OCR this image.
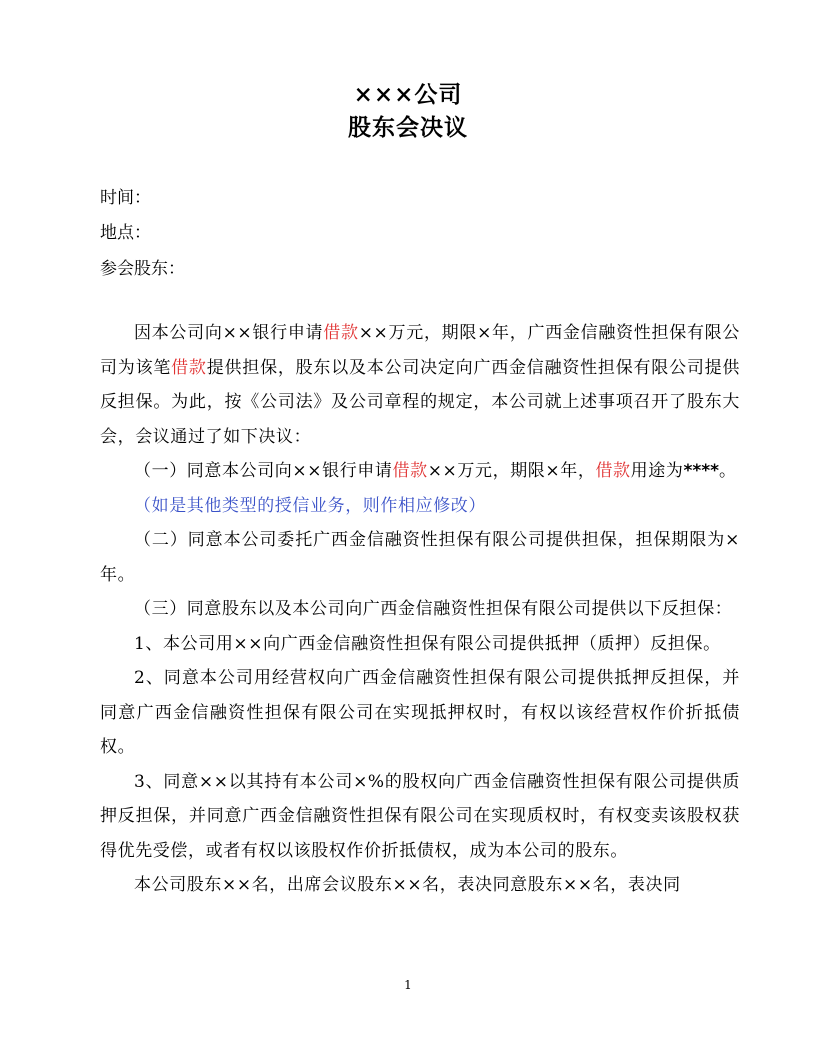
×××公司
股东会决议
时间：
地点：
参会股东：

因本公司向××银行申请借款××万元，期限×年，广西金信融资性担保有限公司为该笔借款提供担保，股东以及本公司决定向广西金信融资性担保有限公司提供反担保。为此，按《公司法》及公司章程的规定，本公司就上述事项召开了股东大会，会议通过了如下决议：

（一）同意本公司向××银行申请借款××万元，期限×年，借款用途为****。

（如是其他类型的授信业务，则作相应修改）

（二）同意本公司委托广西金信融资性担保有限公司提供担保，担保期限为×年。

（三）同意股东以及本公司向广西金信融资性担保有限公司提供以下反担保：

1、本公司用××向广西金信融资性担保有限公司提供抵押（质押）反担保。

2、同意本公司用经营权向广西金信融资性担保有限公司提供抵押反担保，并同意广西金信融资性担保有限公司在实现抵押权时，有权以该经营权作价折抵债权。

3、同意××以其持有本公司×%的股权向广西金信融资性担保有限公司提供质押反担保，并同意广西金信融资性担保有限公司在实现质权时，有权变卖该股权获得优先受偿，或者有权以该股权作价折抵债权，成为本公司的股东。

本公司股东××名，出席会议股东××名，表决同意股东××名，表决同

1
